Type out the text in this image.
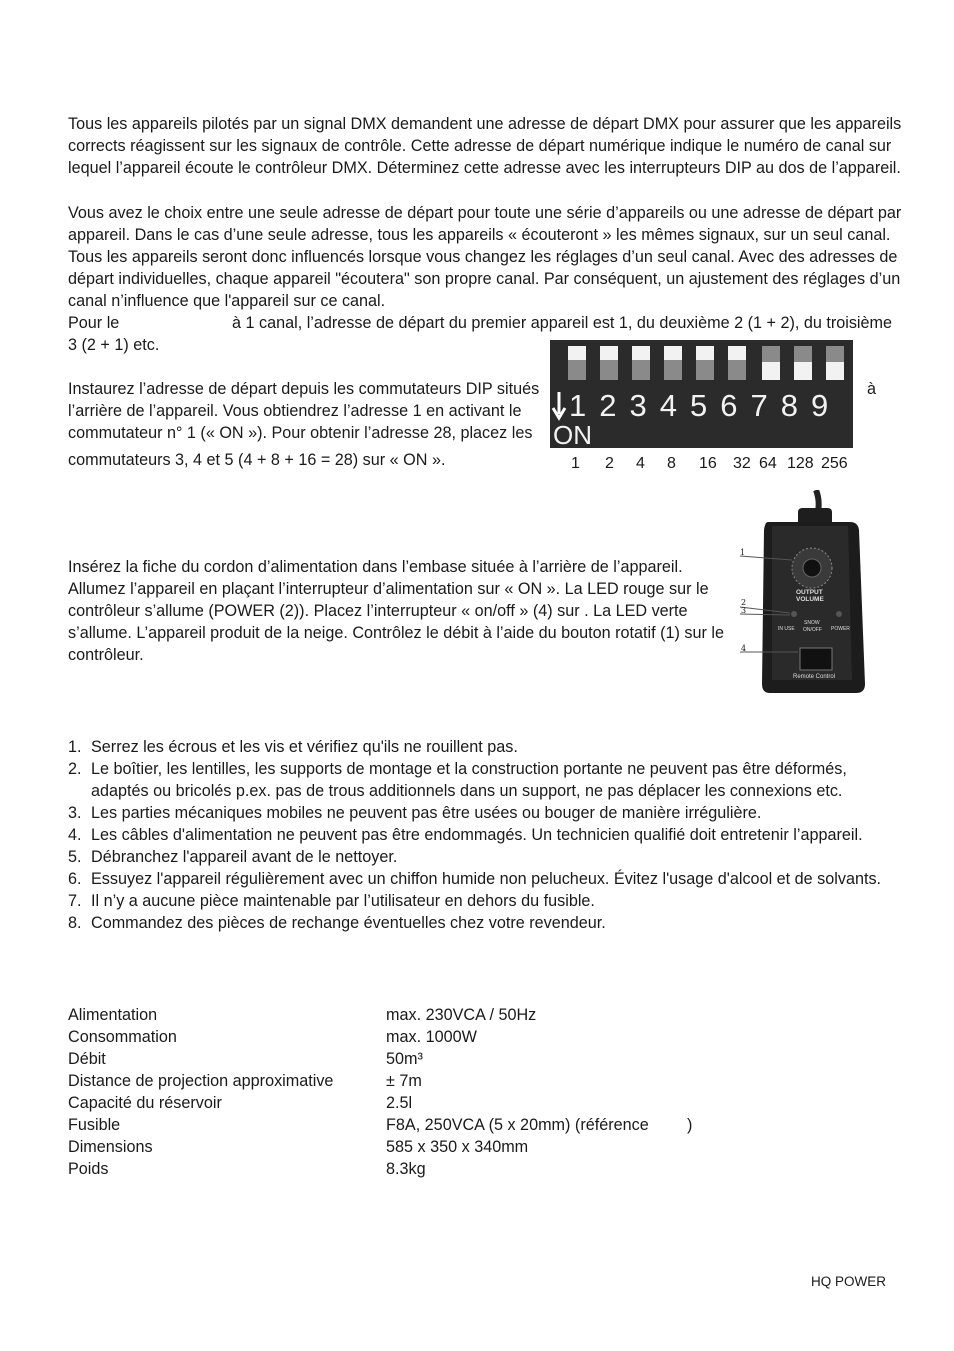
Tous les appareils pilotés par un signal DMX demandent une adresse de départ DMX pour assurer que les appareils
corrects réagissent sur les signaux de contrôle. Cette adresse de départ numérique indique le numéro de canal sur
lequel l’appareil écoute le contrôleur DMX. Déterminez cette adresse avec les interrupteurs DIP au dos de l’appareil.
Vous avez le choix entre une seule adresse de départ pour toute une série d’appareils ou une adresse de départ par
appareil. Dans le cas d’une seule adresse, tous les appareils « écouteront » les mêmes signaux, sur un seul canal.
Tous les appareils seront donc influencés lorsque vous changez les réglages d’un seul canal. Avec des adresses de
départ individuelles, chaque appareil "écoutera" son propre canal. Par conséquent, un ajustement des réglages d’un
canal n’influence que l'appareil sur ce canal.
Pour le	à 1 canal, l’adresse de départ du premier appareil est 1, du deuxième 2 (1 + 2), du troisième
3 (2 + 1) etc.
Instaurez l’adresse de départ depuis les commutateurs DIP situés
l’arrière de l’appareil. Vous obtiendrez l’adresse 1 en activant le
commutateur n° 1 (« ON »). Pour obtenir l’adresse 28, placez les
commutateurs 3, 4 et 5 (4 + 8 + 16 = 28) sur « ON ».
à
123456789
ON
1 2 4 8 16 32 64 128 256
Insérez la fiche du cordon d’alimentation dans l’embase située à l’arrière de l’appareil.
Allumez l’appareil en plaçant l’interrupteur d’alimentation sur « ON ». La LED rouge sur le
contrôleur s’allume (POWER (2)). Placez l’interrupteur « on/off » (4) sur . La LED verte
s’allume. L’appareil produit de la neige. Contrôlez le débit à l’aide du bouton rotatif (1) sur le
contrôleur.
1
2
3
4
OUTPUT
VOLUME
IN USE
SNOW
ON/OFF POWER
Remote Control
1. Serrez les écrous et les vis et vérifiez qu'ils ne rouillent pas.
2. Le boîtier, les lentilles, les supports de montage et la construction portante ne peuvent pas être déformés,
adaptés ou bricolés p.ex. pas de trous additionnels dans un support, ne pas déplacer les connexions etc.
3. Les parties mécaniques mobiles ne peuvent pas être usées ou bouger de manière irrégulière.
4. Les câbles d'alimentation ne peuvent pas être endommagés. Un technicien qualifié doit entretenir l’appareil.
5. Débranchez l'appareil avant de le nettoyer.
6. Essuyez l'appareil régulièrement avec un chiffon humide non pelucheux. Évitez l'usage d'alcool et de solvants.
7. Il n’y a aucune pièce maintenable par l’utilisateur en dehors du fusible.
8. Commandez des pièces de rechange éventuelles chez votre revendeur.
Alimentation	max. 230VCA / 50Hz
Consommation	max. 1000W
Débit	50m³
Distance de projection approximative	± 7m
Capacité du réservoir	2.5l
Fusible	F8A, 250VCA (5 x 20mm) (référence )
Dimensions	585 x 350 x 340mm
Poids	8.3kg
HQ POWER
